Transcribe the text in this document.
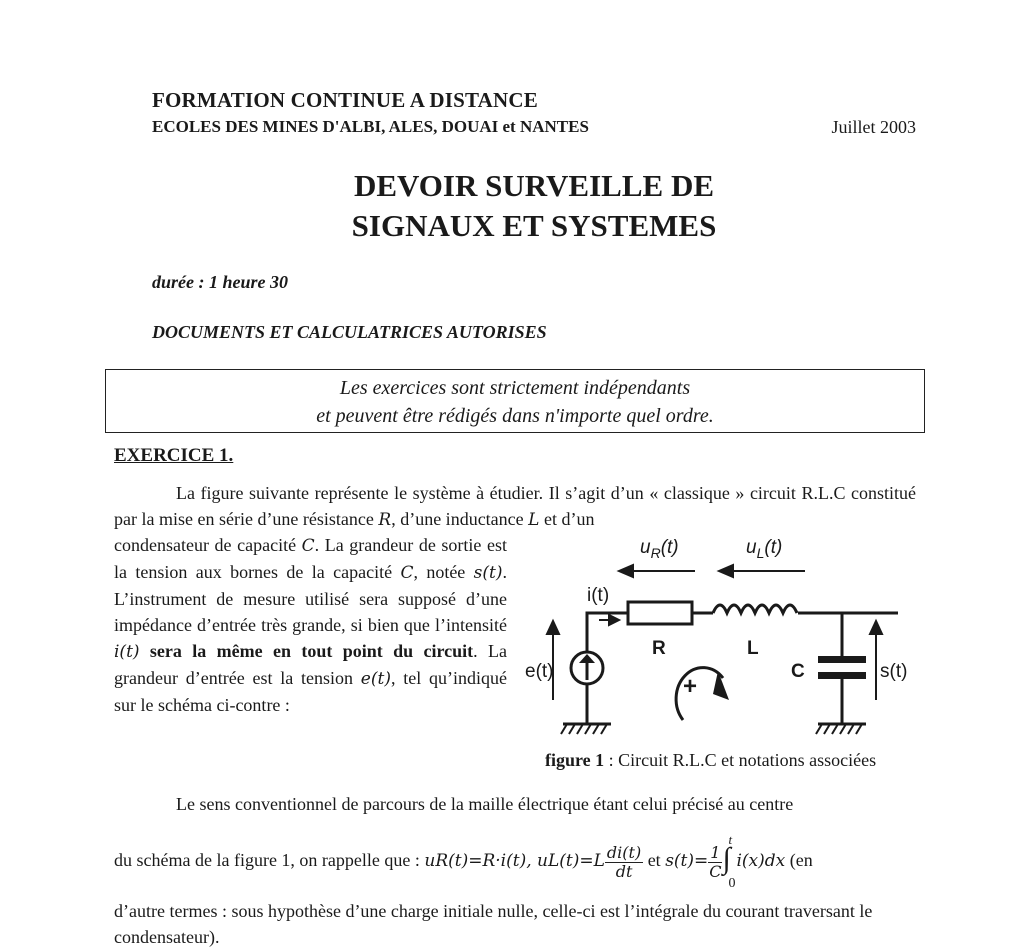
FORMATION CONTINUE A DISTANCE
ECOLES DES MINES D'ALBI, ALES, DOUAI et NANTES	Juillet 2003
DEVOIR SURVEILLE DE
SIGNAUX ET SYSTEMES
durée : 1 heure 30
DOCUMENTS ET CALCULATRICES AUTORISES
Les exercices sont strictement indépendants
et peuvent être rédigés dans n'importe quel ordre.
EXERCICE 1.
La figure suivante représente le système à étudier. Il s’agit d’un « classique » circuit R.L.C constitué par la mise en série d’une résistance R, d’une inductance L et d’un
condensateur de capacité C. La grandeur de sortie est la tension aux bornes de la capacité C, notée s(t). L’instrument de mesure utilisé sera supposé d’une impédance d’entrée très grande, si bien que l’intensité i(t) sera la même en tout point du circuit. La grandeur d’entrée est la tension e(t), tel qu’indiqué sur le schéma ci-contre :
$u_R(t)$	$u_L(t)$
i(t)
R	L
C
e(t)	s(t)
+
figure 1 : Circuit R.L.C et notations associées
Le sens conventionnel de parcours de la maille électrique étant celui précisé au centre
du schéma de la figure 1, on rappelle que : uR(t)=R·i(t), $uL(t)=L \frac{di(t)}{dt}$ et $s(t)= \frac{1}{C}$
t
∫
0
i(x)dx (en
d’autre termes : sous hypothèse d’une charge initiale nulle, celle-ci est l’intégrale du courant traversant le condensateur).
